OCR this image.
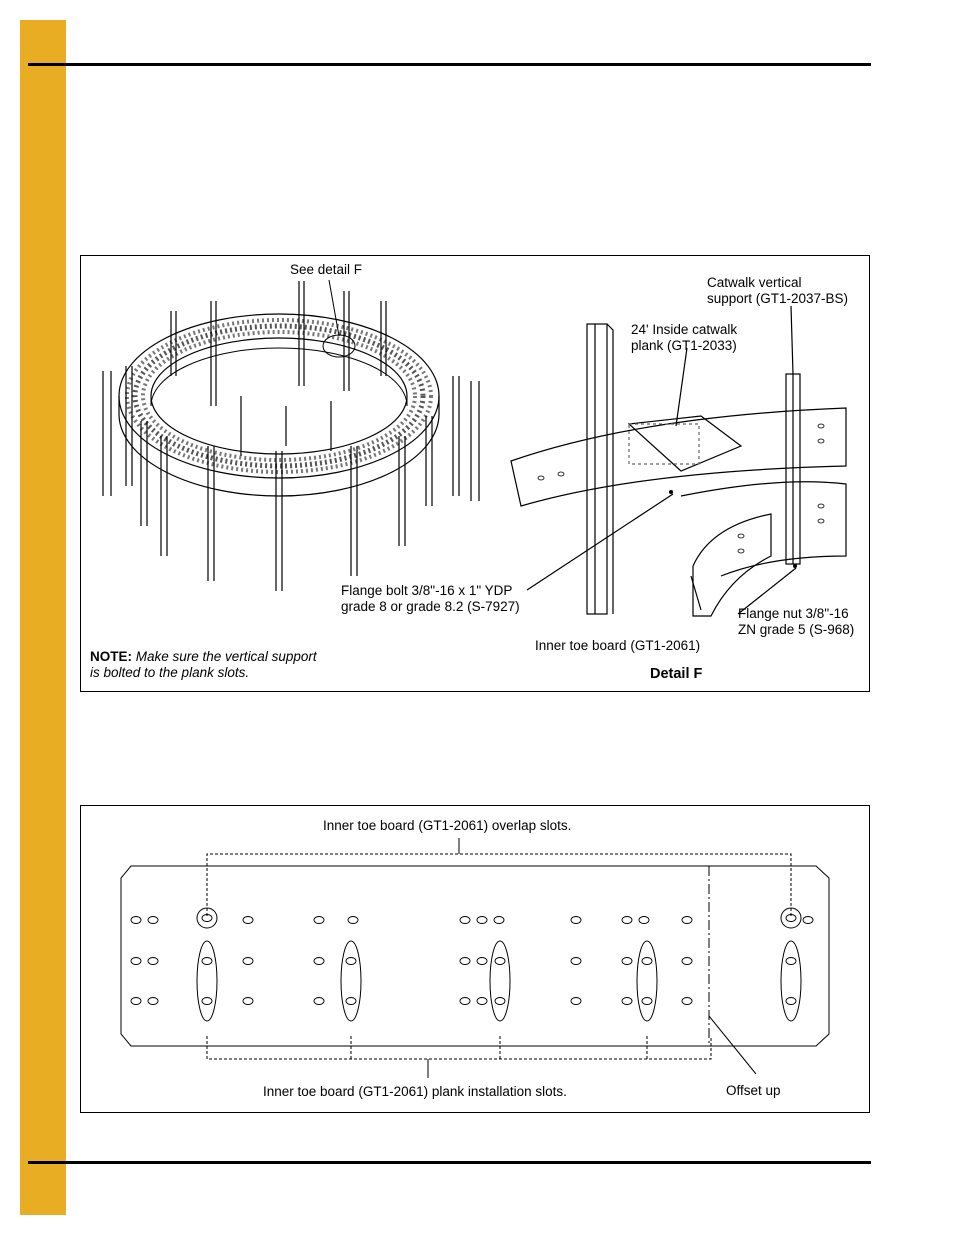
See detail F
Catwalk vertical
support (GT1-2037-BS)
24' Inside catwalk
plank (GT1-2033)
Flange bolt 3/8"-16 x 1" YDP
grade 8 or grade 8.2 (S-7927)	Flange nut 3/8"-16
ZN grade 5 (S-968)
Inner toe board (GT1-2061)
Detail F
NOTE: Make sure the vertical support
is bolted to the plank slots.
Inner toe board (GT1-2061) overlap slots.
Inner toe board (GT1-2061) plank installation slots.	Offset up
